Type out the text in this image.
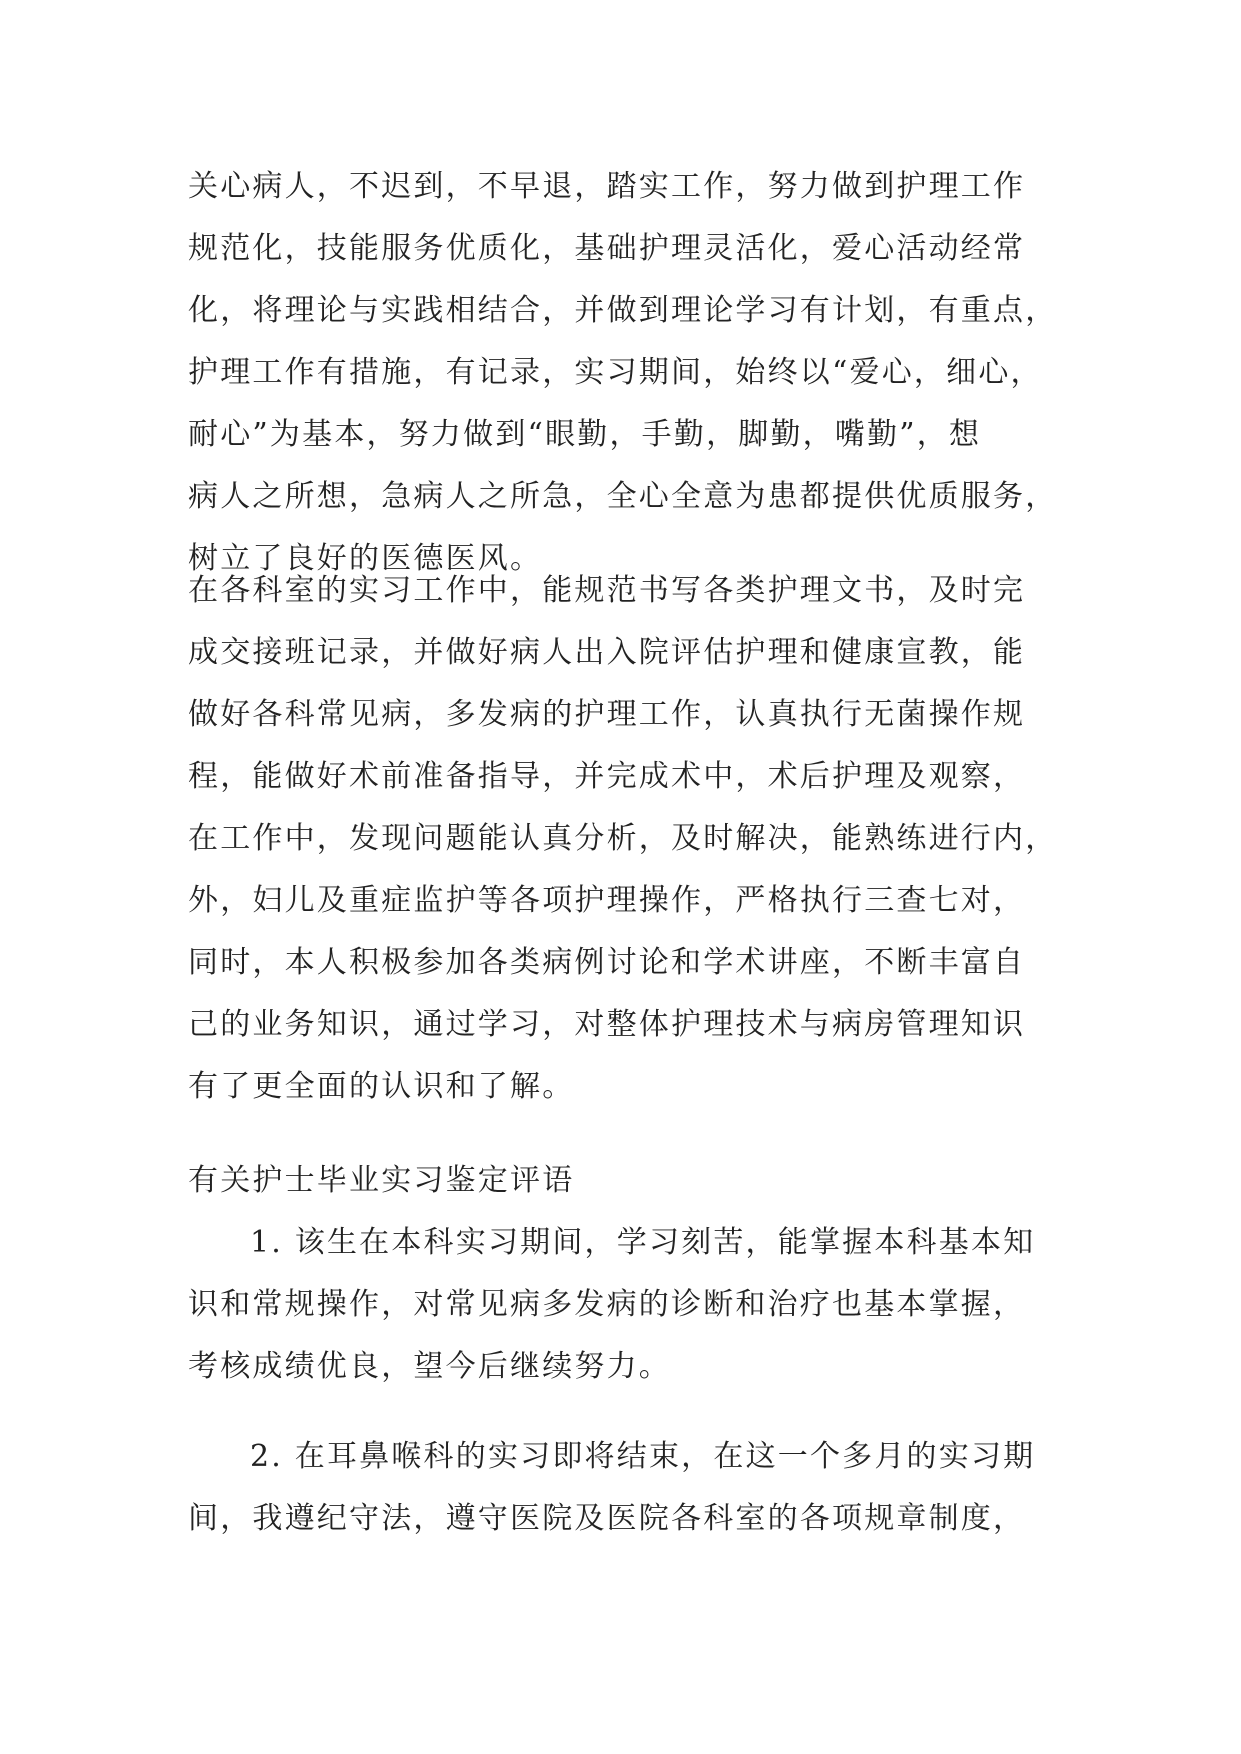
关心病人，不迟到，不早退，踏实工作，努力做到护理工作
规范化，技能服务优质化，基础护理灵活化，爱心活动经常
化，将理论与实践相结合，并做到理论学习有计划，有重点，
护理工作有措施，有记录，实习期间，始终以“爱心，细心，
耐心”为基本，努力做到“眼勤，手勤，脚勤，嘴勤”，想
病人之所想，急病人之所急，全心全意为患都提供优质服务，
树立了良好的医德医风。
在各科室的实习工作中，能规范书写各类护理文书，及时完
成交接班记录，并做好病人出入院评估护理和健康宣教，能
做好各科常见病，多发病的护理工作，认真执行无菌操作规
程，能做好术前准备指导，并完成术中，术后护理及观察，
在工作中，发现问题能认真分析，及时解决，能熟练进行内，
外，妇儿及重症监护等各项护理操作，严格执行三查七对，
同时，本人积极参加各类病例讨论和学术讲座，不断丰富自
己的业务知识，通过学习，对整体护理技术与病房管理知识
有了更全面的认识和了解。
有关护士毕业实习鉴定评语
1. 该生在本科实习期间，学习刻苦，能掌握本科基本知
识和常规操作，对常见病多发病的诊断和治疗也基本掌握，
考核成绩优良，望今后继续努力。
2. 在耳鼻喉科的实习即将结束，在这一个多月的实习期
间，我遵纪守法，遵守医院及医院各科室的各项规章制度，
